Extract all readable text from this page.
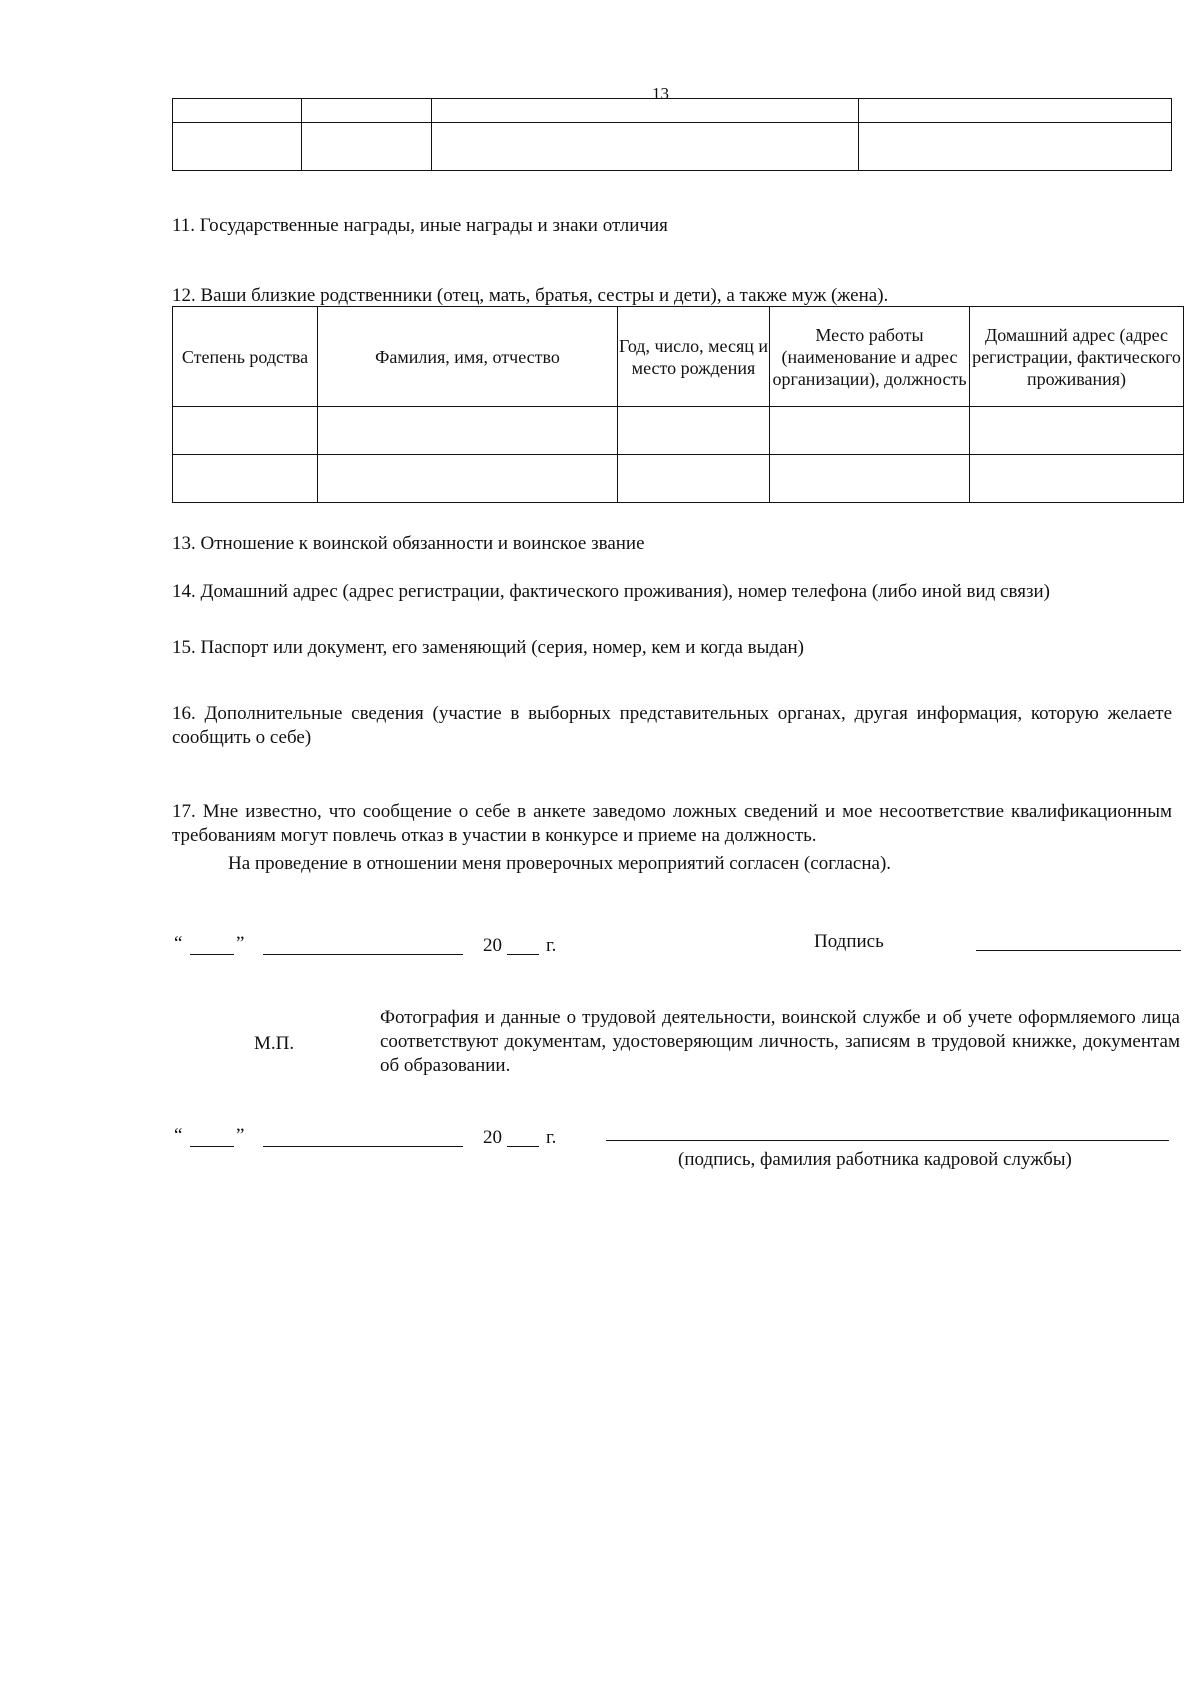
13

11. Государственные награды, иные награды и знаки отличия
12. Ваши близкие родственники (отец, мать, братья, сестры и дети), а также муж (жена).
Степень родства	Фамилия, имя, отчество	Год, число, месяц и место рождения	Место работы (наименование и адрес организации), должность	Домашний адрес (адрес регистрации, фактического проживания)

13. Отношение к воинской обязанности и воинское звание
14. Домашний адрес (адрес регистрации, фактического проживания), номер телефона (либо иной вид связи)
15. Паспорт или документ, его заменяющий (серия, номер, кем и когда выдан)
16. Дополнительные сведения (участие в выборных представительных органах, другая информация, которую желаете сообщить о себе)
17. Мне известно, что сообщение о себе в анкете заведомо ложных сведений и мое несоответствие квалификационным требованиям могут повлечь отказ в участии в конкурсе и приеме на должность.
На проведение в отношении меня проверочных мероприятий согласен (согласна).
“	”	20 г.	Подпись
М.П.
Фотография и данные о трудовой деятельности, воинской службе и об учете оформляемого лица соответствуют документам, удостоверяющим личность, записям в трудовой книжке, документам об образовании.
“	”	20 г.
(подпись, фамилия работника кадровой службы)
